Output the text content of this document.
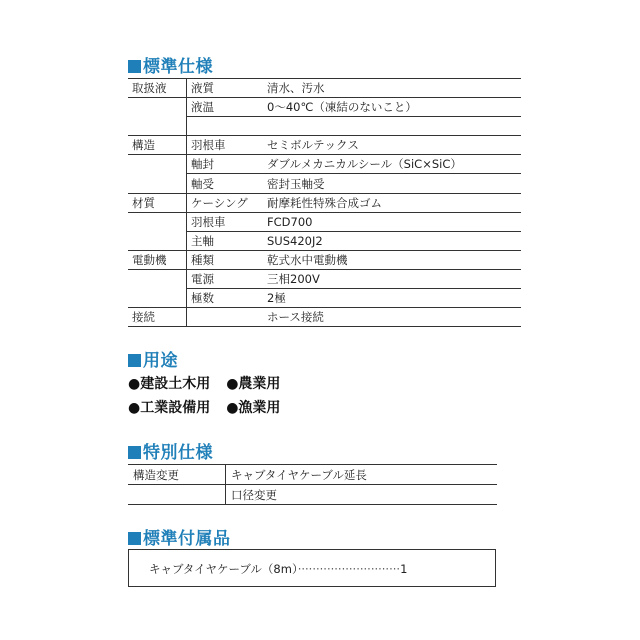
標準仕様
取扱液	液質	清水、汚水
	液温	0～40℃（凍結のないこと）

構造	羽根車	セミボルテックス
	軸封	ダブルメカニカルシール（SiC×SiC）
	軸受	密封玉軸受
材質	ケーシング	耐摩耗性特殊合成ゴム
	羽根車	FCD700
	主軸	SUS420J2
電動機	種類	乾式水中電動機
	電源	三相200V
	極数	2極
接続		ホース接続
用途
●建設土木用 ●農業用
●工業設備用 ●漁業用
特別仕様
構造変更	キャブタイヤケーブル延長
	口径変更
標準付属品
キャブタイヤケーブル（8m）····························1
